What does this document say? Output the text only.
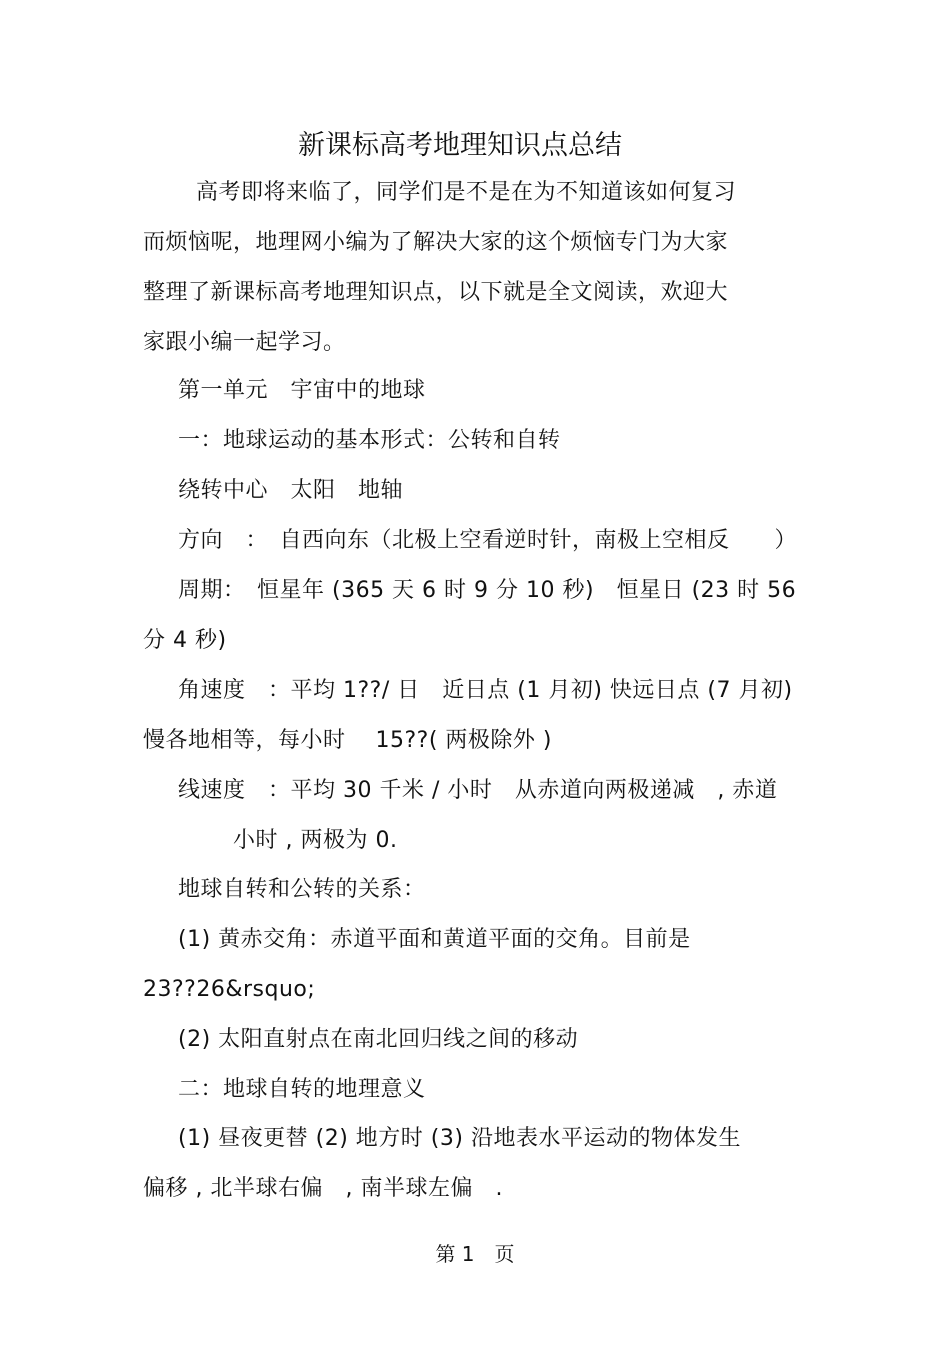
新课标高考地理知识点总结
高考即将来临了，同学们是不是在为不知道该如何复习
而烦恼呢，地理网小编为了解决大家的这个烦恼专门为大家
整理了新课标高考地理知识点，以下就是全文阅读，欢迎大
家跟小编一起学习。
第一单元　宇宙中的地球
一：地球运动的基本形式：公转和自转
绕转中心　太阳　地轴
方向　：　自西向东（北极上空看逆时针，南极上空相反　　）
周期：　恒星年 (365 天 6 时 9 分 10 秒)　恒星日 (23 时 56
分 4 秒)
角速度　：平均 1??/ 日　近日点 (1 月初) 快远日点 (7 月初)
慢各地相等，每小时　 15??( 两极除外 )
线速度　：平均 30 千米 / 小时　从赤道向两极递减　, 赤道
小时 , 两极为 0.
地球自转和公转的关系：
(1) 黄赤交角：赤道平面和黄道平面的交角。目前是
23??26&rsquo;
(2) 太阳直射点在南北回归线之间的移动
二：地球自转的地理意义
(1) 昼夜更替 (2) 地方时 (3) 沿地表水平运动的物体发生
偏移 , 北半球右偏　, 南半球左偏　.
第 1　页
